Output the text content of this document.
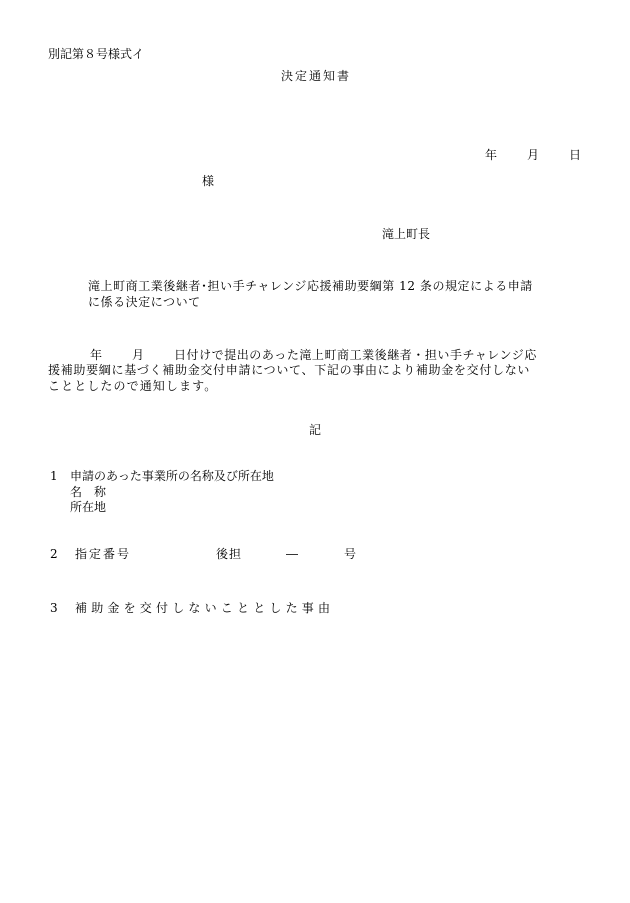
別記第８号様式イ
決定通知書
年 月 日
様
滝上町長
滝上町商工業後継者･担い手チャレンジ応援補助要綱第 12 条の規定による申請
に係る決定について
年 月 日付けで提出のあった滝上町商工業後継者・担い手チャレンジ応
援補助要綱に基づく補助金交付申請について、下記の事由により補助金を交付しない
こととしたので通知します。
記
1 申請のあった事業所の名称及び所在地
名　称
所在地
2 指定番号	後担	―	号
3 補助金を交付しないこととした事由
